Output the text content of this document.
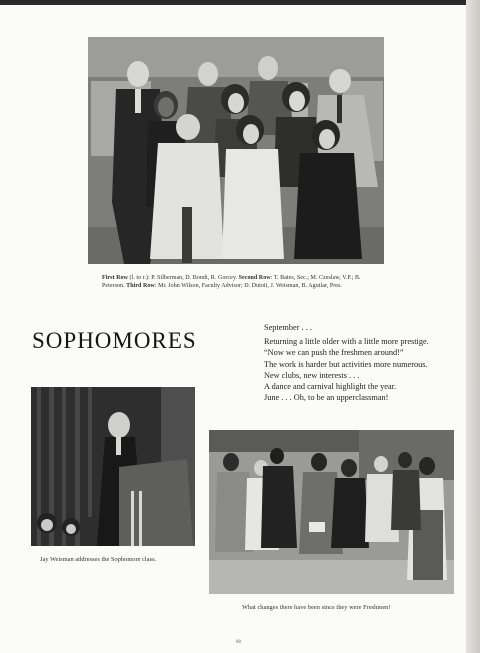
First Row (l. to r.): P. Silberman, D. Bondi, R. Gorcey. Second Row: T. Bates, Sec.; M. Czeslaw, V.P.; B. Peterson. Third Row: Mr. John Wilson, Faculty Advisor; D. Dutoit, J. Weisman, B. Aguilar, Pres.
SOPHOMORES
September . . .
Returning a little older with a little more prestige.
“Now we can push the freshmen around!”
The work is harder but activities more numerous.
New clubs, new interests . . .
A dance and carnival highlight the year.
June . . . Oh, to be an upperclassman!
Jay Weisman addresses the Sophomore class.
What changes there have been since they were Freshmen!
88
